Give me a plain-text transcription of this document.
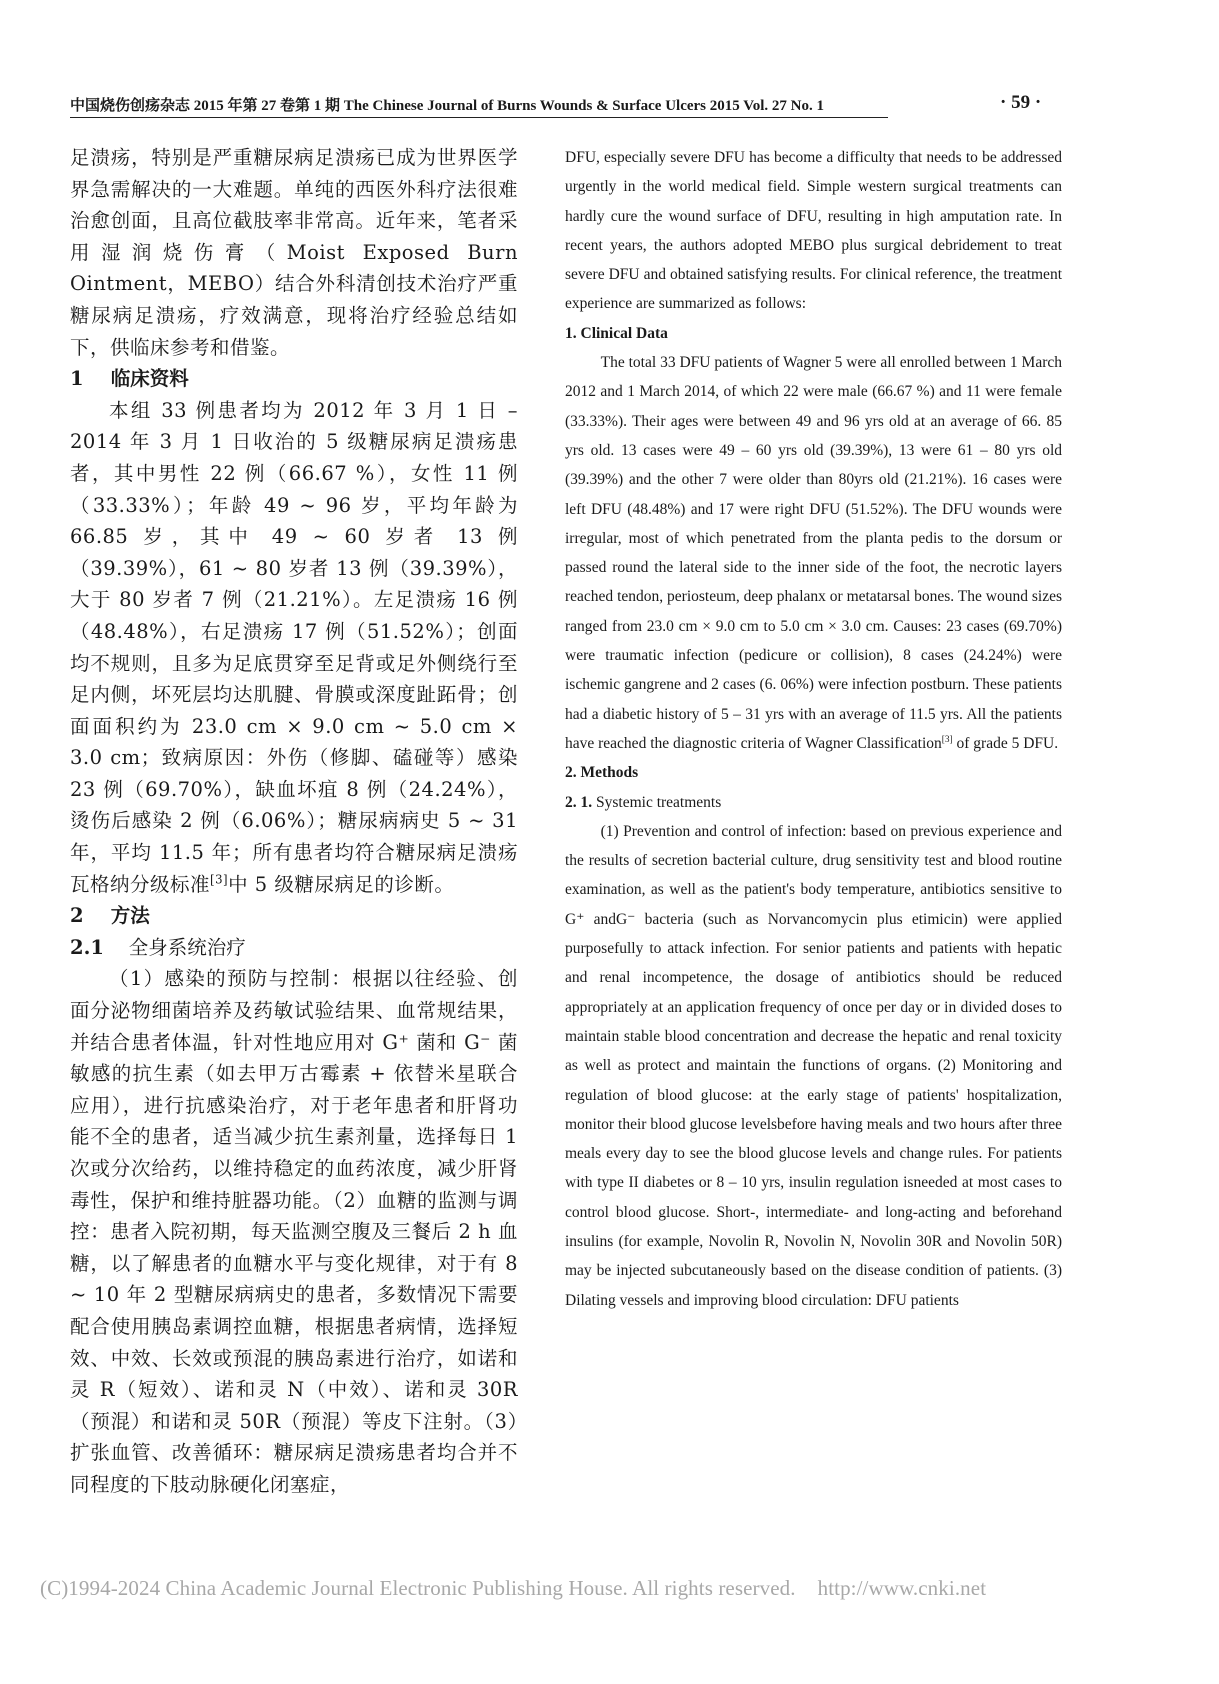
中国烧伤创疡杂志 2015 年第 27 卷第 1 期 The Chinese Journal of Burns Wounds & Surface Ulcers 2015 Vol. 27 No. 1	· 59 ·

足溃疡，特别是严重糖尿病足溃疡已成为世界医学界急需解决的一大难题。单纯的西医外科疗法很难治愈创面，且高位截肢率非常高。近年来，笔者采用湿润烧伤膏（Moist Exposed Burn Ointment，MEBO）结合外科清创技术治疗严重糖尿病足溃疡，疗效满意，现将治疗经验总结如下，供临床参考和借鉴。

1 临床资料

本组 33 例患者均为 2012 年 3 月 1 日 – 2014 年 3 月 1 日收治的 5 级糖尿病足溃疡患者，其中男性 22 例（66.67 %），女性 11 例（33.33%）；年龄 49 ~ 96 岁，平均年龄为 66.85 岁，其中 49 ~ 60 岁者 13 例（39.39%），61 ~ 80 岁者 13 例（39.39%），大于 80 岁者 7 例（21.21%）。左足溃疡 16 例（48.48%），右足溃疡 17 例（51.52%）；创面均不规则，且多为足底贯穿至足背或足外侧绕行至足内侧，坏死层均达肌腱、骨膜或深度趾跖骨；创面面积约为 23.0 cm × 9.0 cm ~ 5.0 cm × 3.0 cm；致病原因：外伤（修脚、磕碰等）感染 23 例（69.70%），缺血坏疽 8 例（24.24%），烫伤后感染 2 例（6.06%）；糖尿病病史 5 ~ 31 年，平均 11.5 年；所有患者均符合糖尿病足溃疡瓦格纳分级标准[3]中 5 级糖尿病足的诊断。

2 方法
2.1 全身系统治疗

（1）感染的预防与控制：根据以往经验、创面分泌物细菌培养及药敏试验结果、血常规结果，并结合患者体温，针对性地应用对 G⁺ 菌和 G⁻ 菌敏感的抗生素（如去甲万古霉素 + 依替米星联合应用），进行抗感染治疗，对于老年患者和肝肾功能不全的患者，适当减少抗生素剂量，选择每日 1 次或分次给药，以维持稳定的血药浓度，减少肝肾毒性，保护和维持脏器功能。（2）血糖的监测与调控：患者入院初期，每天监测空腹及三餐后 2 h 血糖，以了解患者的血糖水平与变化规律，对于有 8 ~ 10 年 2 型糖尿病病史的患者，多数情况下需要配合使用胰岛素调控血糖，根据患者病情，选择短效、中效、长效或预混的胰岛素进行治疗，如诺和灵 R（短效）、诺和灵 N（中效）、诺和灵 30R（预混）和诺和灵 50R（预混）等皮下注射。（3）扩张血管、改善循环：糖尿病足溃疡患者均合并不同程度的下肢动脉硬化闭塞症，

DFU, especially severe DFU has become a difficulty that needs to be addressed urgently in the world medical field. Simple western surgical treatments can hardly cure the wound surface of DFU, resulting in high amputation rate. In recent years, the authors adopted MEBO plus surgical debridement to treat severe DFU and obtained satisfying results. For clinical reference, the treatment experience are summarized as follows:

1. Clinical Data

The total 33 DFU patients of Wagner 5 were all enrolled between 1 March 2012 and 1 March 2014, of which 22 were male (66.67 %) and 11 were female (33.33%). Their ages were between 49 and 96 yrs old at an average of 66. 85 yrs old. 13 cases were 49 – 60 yrs old (39.39%), 13 were 61 – 80 yrs old (39.39%) and the other 7 were older than 80yrs old (21.21%). 16 cases were left DFU (48.48%) and 17 were right DFU (51.52%). The DFU wounds were irregular, most of which penetrated from the planta pedis to the dorsum or passed round the lateral side to the inner side of the foot, the necrotic layers reached tendon, periosteum, deep phalanx or metatarsal bones. The wound sizes ranged from 23.0 cm × 9.0 cm to 5.0 cm × 3.0 cm. Causes: 23 cases (69.70%) were traumatic infection (pedicure or collision), 8 cases (24.24%) were ischemic gangrene and 2 cases (6. 06%) were infection postburn. These patients had a diabetic history of 5 – 31 yrs with an average of 11.5 yrs. All the patients have reached the diagnostic criteria of Wagner Classification[3] of grade 5 DFU.

2. Methods

2. 1. Systemic treatments

(1) Prevention and control of infection: based on previous experience and the results of secretion bacterial culture, drug sensitivity test and blood routine examination, as well as the patient's body temperature, antibiotics sensitive to G⁺ andG⁻ bacteria (such as Norvancomycin plus etimicin) were applied purposefully to attack infection. For senior patients and patients with hepatic and renal incompetence, the dosage of antibiotics should be reduced appropriately at an application frequency of once per day or in divided doses to maintain stable blood concentration and decrease the hepatic and renal toxicity as well as protect and maintain the functions of organs. (2) Monitoring and regulation of blood glucose: at the early stage of patients' hospitalization, monitor their blood glucose levelsbefore having meals and two hours after three meals every day to see the blood glucose levels and change rules. For patients with type II diabetes or 8 – 10 yrs, insulin regulation isneeded at most cases to control blood glucose. Short-, intermediate- and long-acting and beforehand insulins (for example, Novolin R, Novolin N, Novolin 30R and Novolin 50R) may be injected subcutaneously based on the disease condition of patients. (3) Dilating vessels and improving blood circulation: DFU patients

(C)1994-2024 China Academic Journal Electronic Publishing House. All rights reserved. http://www.cnki.net
